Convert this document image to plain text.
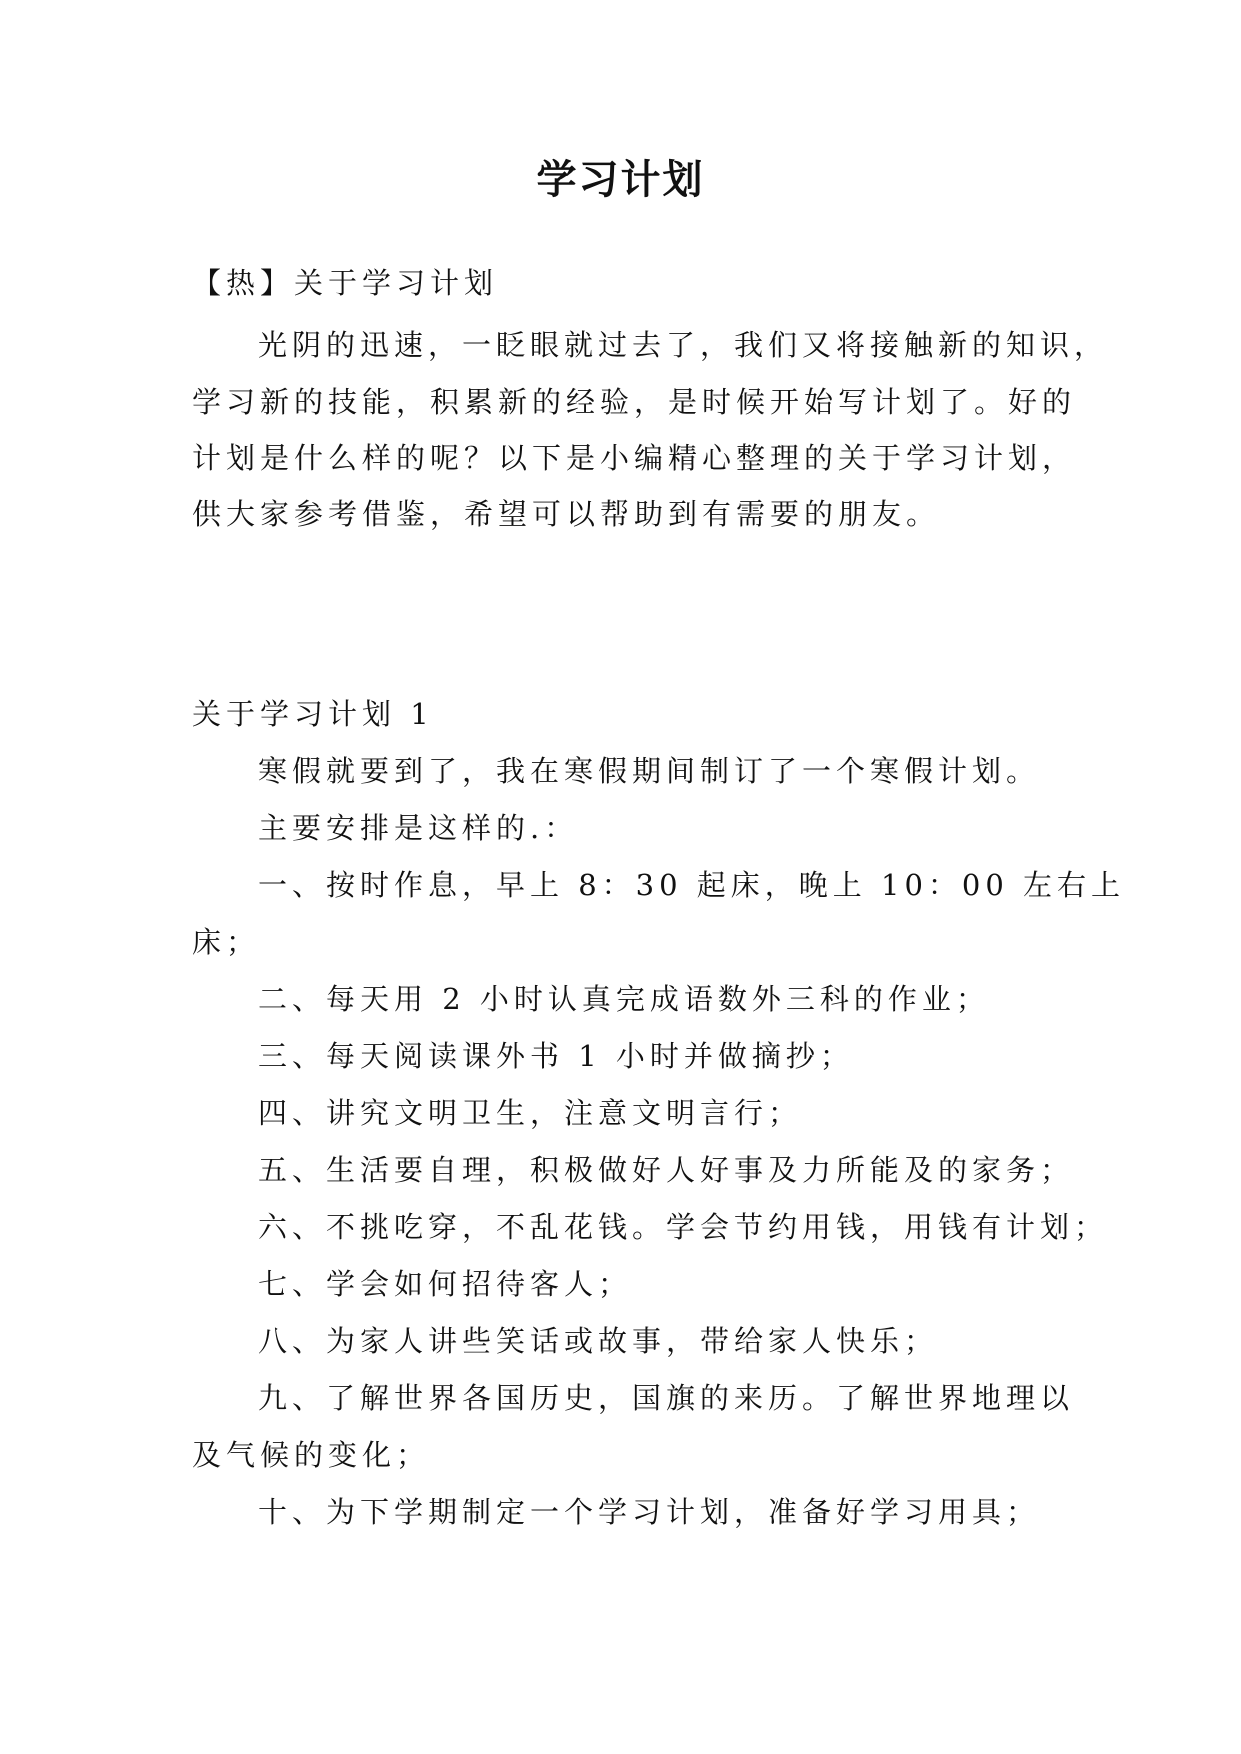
学习计划
【热】关于学习计划
光阴的迅速，一眨眼就过去了，我们又将接触新的知识，
学习新的技能，积累新的经验，是时候开始写计划了。好的
计划是什么样的呢？以下是小编精心整理的关于学习计划，
供大家参考借鉴，希望可以帮助到有需要的朋友。
关于学习计划 1
寒假就要到了，我在寒假期间制订了一个寒假计划。
主要安排是这样的.：
一、按时作息，早上 8：30 起床，晚上 10：00 左右上
床；
二、每天用 2 小时认真完成语数外三科的作业；
三、每天阅读课外书 1 小时并做摘抄；
四、讲究文明卫生，注意文明言行；
五、生活要自理，积极做好人好事及力所能及的家务；
六、不挑吃穿，不乱花钱。学会节约用钱，用钱有计划；
七、学会如何招待客人；
八、为家人讲些笑话或故事，带给家人快乐；
九、了解世界各国历史，国旗的来历。了解世界地理以
及气候的变化；
十、为下学期制定一个学习计划，准备好学习用具；
